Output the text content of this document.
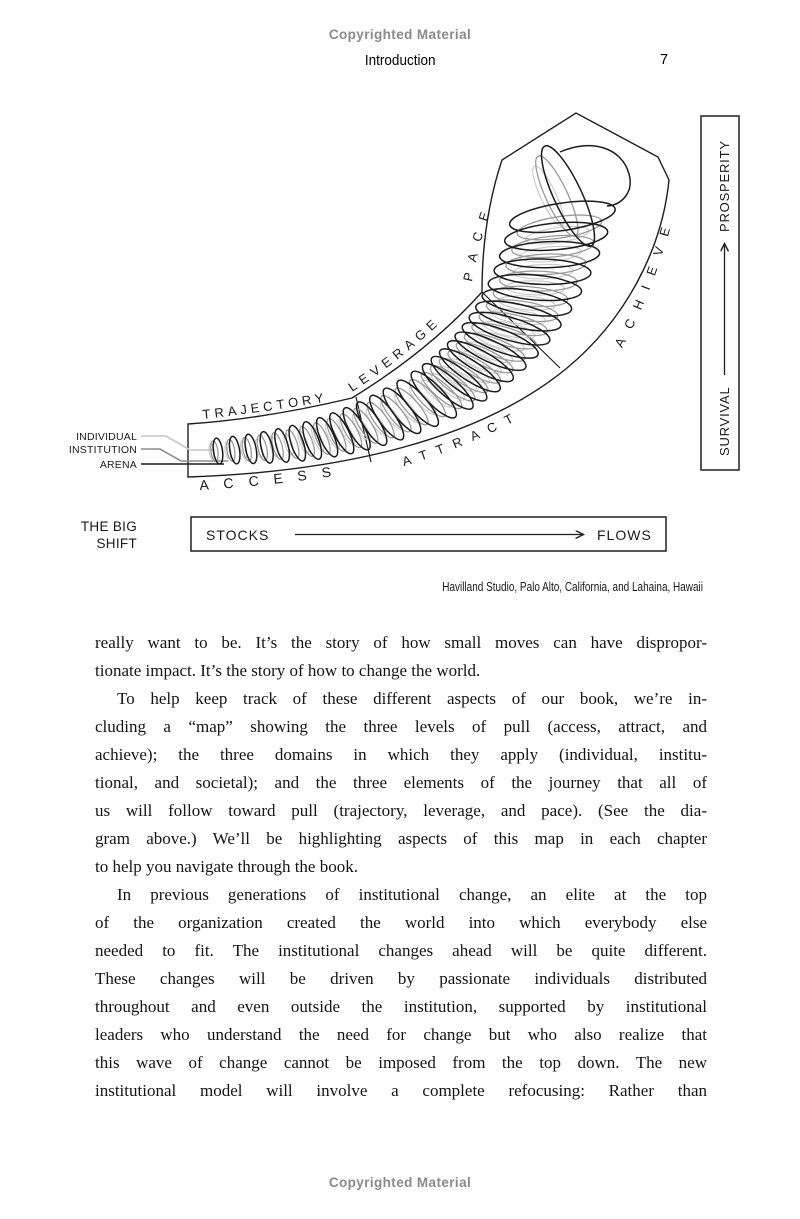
Copyrighted Material
Introduction	7
TRAJECTORY
LEVERAGE
PACE
ACCESS
ATTRACT
ACHIEVE
INDIVIDUAL
INSTITUTION
ARENA
THE BIG
SHIFT
STOCKS	FLOWS
SURVIVAL
PROSPERITY
Havilland Studio, Palo Alto, California, and Lahaina, Hawaii
really want to be. It’s the story of how small moves can have dispropor-
tionate impact. It’s the story of how to change the world.
To help keep track of these different aspects of our book, we’re in-
cluding a “map” showing the three levels of pull (access, attract, and
achieve); the three domains in which they apply (individual, institu-
tional, and societal); and the three elements of the journey that all of
us will follow toward pull (trajectory, leverage, and pace). (See the dia-
gram above.) We’ll be highlighting aspects of this map in each chapter
to help you navigate through the book.
In previous generations of institutional change, an elite at the top
of the organization created the world into which everybody else
needed to fit. The institutional changes ahead will be quite different.
These changes will be driven by passionate individuals distributed
throughout and even outside the institution, supported by institutional
leaders who understand the need for change but who also realize that
this wave of change cannot be imposed from the top down. The new
institutional model will involve a complete refocusing: Rather than
Copyrighted Material
